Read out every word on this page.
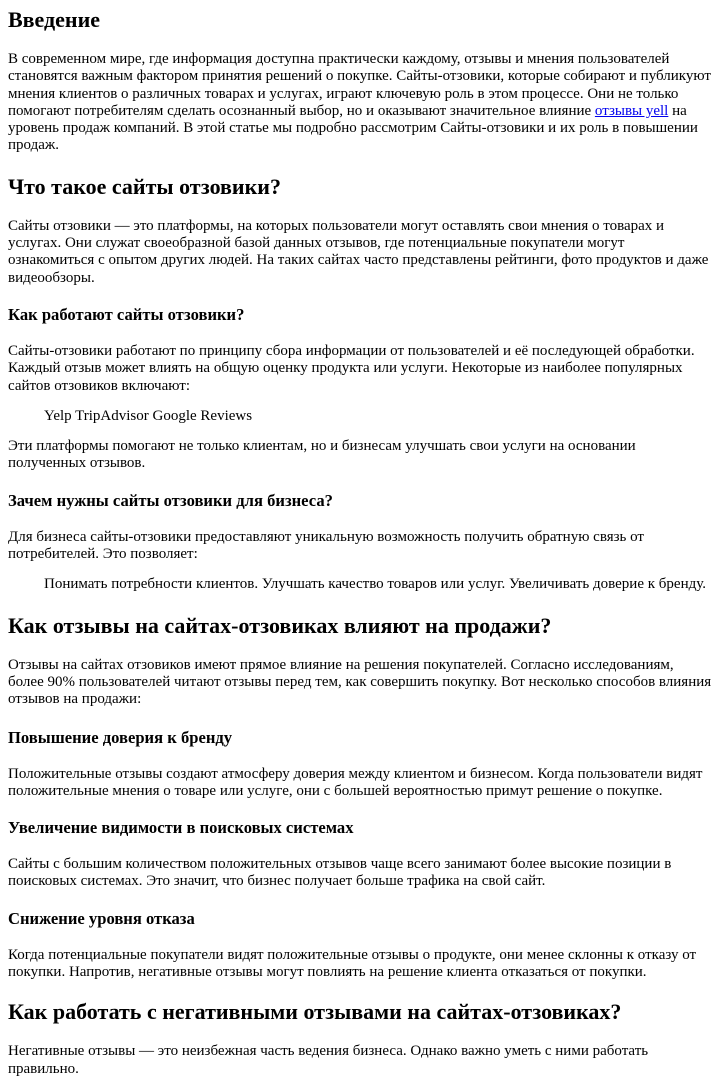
Введение

В современном мире, где информация доступна практически каждому, отзывы и мнения пользователей становятся важным фактором принятия решений о покупке. Сайты-отзовики, которые собирают и публикуют мнения клиентов о различных товарах и услугах, играют ключевую роль в этом процессе. Они не только помогают потребителям сделать осознанный выбор, но и оказывают значительное влияние отзывы yell на уровень продаж компаний. В этой статье мы подробно рассмотрим Сайты-отзовики и их роль в повышении продаж.

Что такое сайты отзовики?

Сайты отзовики — это платформы, на которых пользователи могут оставлять свои мнения о товарах и услугах. Они служат своеобразной базой данных отзывов, где потенциальные покупатели могут ознакомиться с опытом других людей. На таких сайтах часто представлены рейтинги, фото продуктов и даже видеообзоры.

Как работают сайты отзовики?

Сайты-отзовики работают по принципу сбора информации от пользователей и её последующей обработки. Каждый отзыв может влиять на общую оценку продукта или услуги. Некоторые из наиболее популярных сайтов отзовиков включают:

Yelp TripAdvisor Google Reviews

Эти платформы помогают не только клиентам, но и бизнесам улучшать свои услуги на основании полученных отзывов.

Зачем нужны сайты отзовики для бизнеса?

Для бизнеса сайты-отзовики предоставляют уникальную возможность получить обратную связь от потребителей. Это позволяет:

Понимать потребности клиентов. Улучшать качество товаров или услуг. Увеличивать доверие к бренду.

Как отзывы на сайтах-отзовиках влияют на продажи?

Отзывы на сайтах отзовиков имеют прямое влияние на решения покупателей. Согласно исследованиям, более 90% пользователей читают отзывы перед тем, как совершить покупку. Вот несколько способов влияния отзывов на продажи:

Повышение доверия к бренду

Положительные отзывы создают атмосферу доверия между клиентом и бизнесом. Когда пользователи видят положительные мнения о товаре или услуге, они с большей вероятностью примут решение о покупке.

Увеличение видимости в поисковых системах

Сайты с большим количеством положительных отзывов чаще всего занимают более высокие позиции в поисковых системах. Это значит, что бизнес получает больше трафика на свой сайт.

Снижение уровня отказа

Когда потенциальные покупатели видят положительные отзывы о продукте, они менее склонны к отказу от покупки. Напротив, негативные отзывы могут повлиять на решение клиента отказаться от покупки.

Как работать с негативными отзывами на сайтах-отзовиках?

Негативные отзывы — это неизбежная часть ведения бизнеса. Однако важно уметь с ними работать правильно.
